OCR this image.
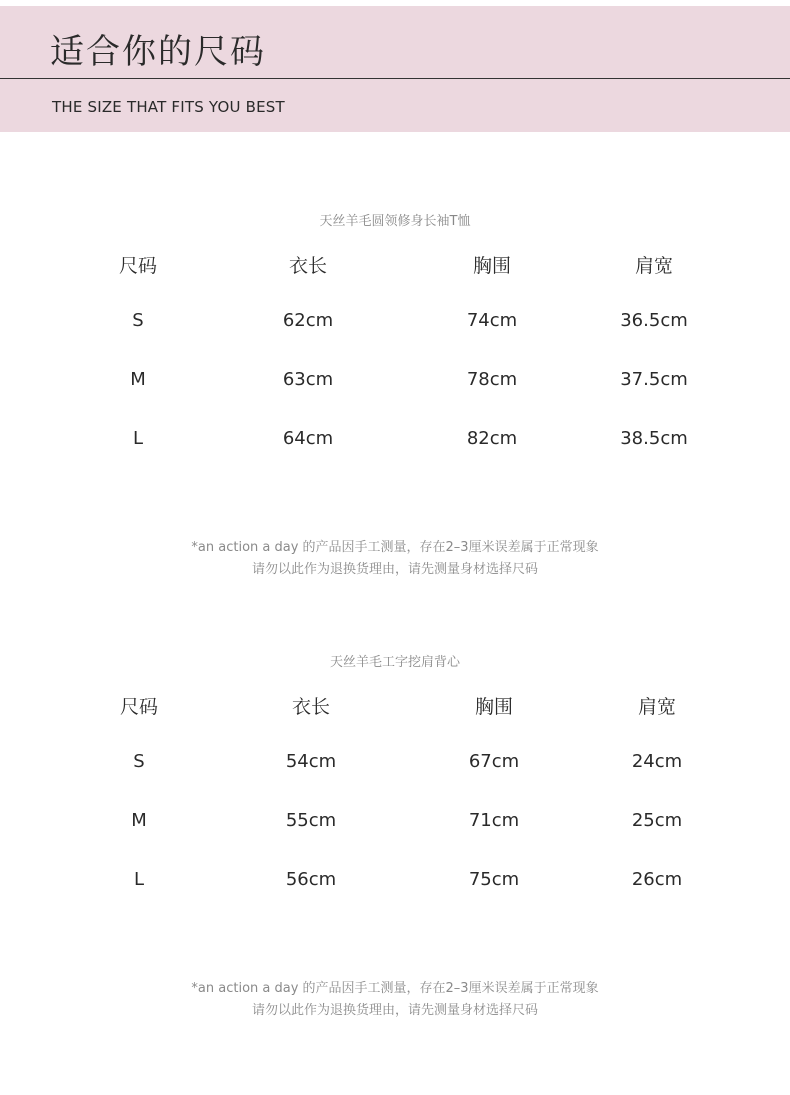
适合你的尺码
THE SIZE THAT FITS YOU BEST
天丝羊毛圆领修身长袖T恤
尺码	衣长	胸围	肩宽
S	62cm	74cm	36.5cm
M	63cm	78cm	37.5cm
L	64cm	82cm	38.5cm
*an action a day 的产品因手工测量，存在2–3厘米误差属于正常现象
请勿以此作为退换货理由，请先测量身材选择尺码
天丝羊毛工字挖肩背心
尺码	衣长	胸围	肩宽
S	54cm	67cm	24cm
M	55cm	71cm	25cm
L	56cm	75cm	26cm
*an action a day 的产品因手工测量，存在2–3厘米误差属于正常现象
请勿以此作为退换货理由，请先测量身材选择尺码
